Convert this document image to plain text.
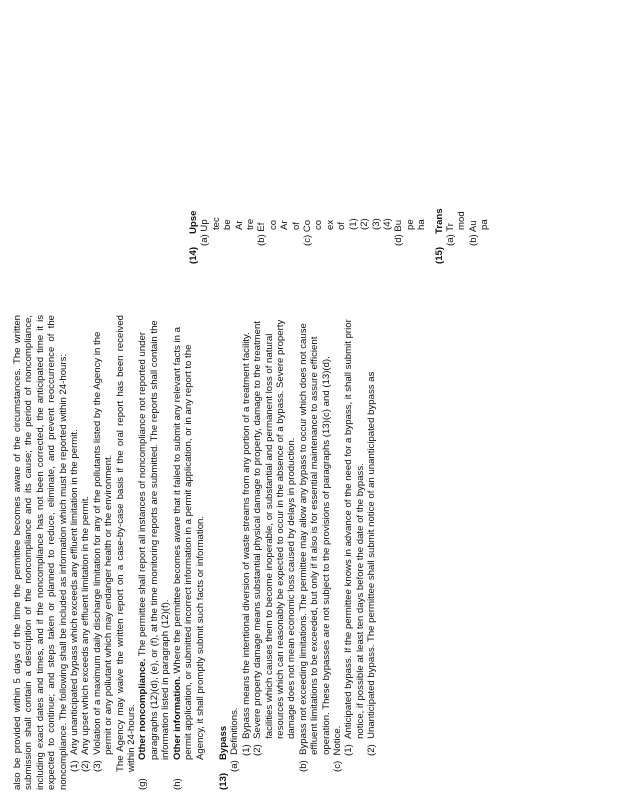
also be provided within 5 days of the time the permittee becomes aware of the circumstances. The written submission shall contain a description of the noncompliance and its cause; the period of noncompliance, including exact dates and times, and if the noncompliance has not been corrected, the anticipated time it is expected to continue; and steps taken or planned to reduce, eliminate, and prevent reoccurrence of the noncompliance. The following shall be included as information which must be reported within 24-hours: (1)

Any unanticipated bypass which exceeds any effluent limitation in the permit.
(2)

Any upset which exceeds any effluent limitation in the permit.
(3)

Violation of a maximum daily discharge limitation for any of the pollutants listed by the Agency in the permit or any pollutant which may endanger health or the environment. The Agency may waive the written report on a case-by-case basis if the oral report has been received within 24-hours.

(g)
Other noncompliance. The permittee shall report all instances of noncompliance not reported under paragraphs (12)(d), (e), or (f), at the time monitoring reports are submitted. The reports shall contain the information listed in paragraph (12)(f).
(h)
Other information. Where the permittee becomes aware that it failed to submit any relevant facts in a permit application, or submitted incorrect information in a permit application, or in any report to the Agency, it shall promptly submit such facts or information.
(13)
Bypass
(a)

Definitions. (1)

Bypass means the intentional diversion of waste streams from any portion of a treatment facility.
(2)

Severe property damage means substantial physical damage to property, damage to the treatment facilities which causes them to become inoperable, or substantial and permanent loss of natural resources which can reasonably be expected to occur in the absence of a bypass. Severe property damage does not mean economic loss caused by delays in production.
(b)

Bypass not exceeding limitations. The permittee may allow any bypass to occur which does not cause effluent limitations to be exceeded, but only if it also is for essential maintenance to assure efficient operation. These bypasses are not subject to the provisions of paragraphs (13)(c) and (13)(d).
(c)

Notice. (1)

Anticipated bypass. If the permittee knows in advance of the need for a bypass, it shall submit prior notice, if possible at least ten days before the date of the bypass.
(2)

Unanticipated bypass. The permittee shall submit notice of an unanticipated bypass as
(14)
Upse (a) Up tec be Ar tre (b) Ef co Ar of (c) Co co ex of (1) (2) (3) (4) (d) Bu pe ha
(15)
Trans
(a) Tr
mod (b) Au pa
